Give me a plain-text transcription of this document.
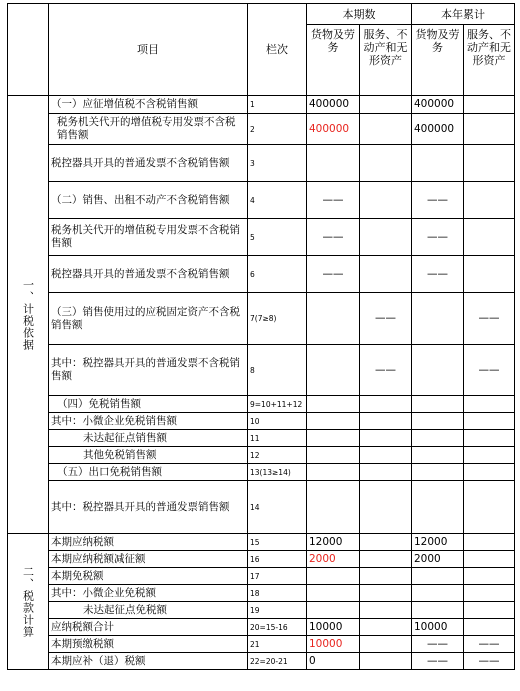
	项目	栏次	本期数		本年累计	
			货物及劳务	服务、不动产和无形资产	货物及劳务	服务、不动产和无形资产
一、计税依据	（一）应征增值税不含税销售额	1	400000		400000	
	税务机关代开的增值税专用发票不含税销售额	2	400000		400000	
	税控器具开具的普通发票不含税销售额	3				
	（二）销售、出租不动产不含税销售额	4	——		——	
	税务机关代开的增值税专用发票不含税销售额	5	——		——	
	税控器具开具的普通发票不含税销售额	6	——		——	
	（三）销售使用过的应税固定资产不含税销售额	7(7≥8)		——		——
	其中：税控器具开具的普通发票不含税销售额	8		——		——
	（四）免税销售额	9=10+11+12				
	其中：小微企业免税销售额	10				
	未达起征点销售额	11				
	其他免税销售额	12				
	（五）出口免税销售额	13(13≥14)				
	其中：税控器具开具的普通发票销售额	14				
二、税款计算	本期应纳税额	15	12000		12000	
	本期应纳税额减征额	16	2000		2000	
	本期免税额	17				
	其中：小微企业免税额	18				
	未达起征点免税额	19				
	应纳税额合计	20=15-16	10000		10000	
	本期预缴税额	21	10000		——	——
	本期应补（退）税额	22=20-21	0		——	——
